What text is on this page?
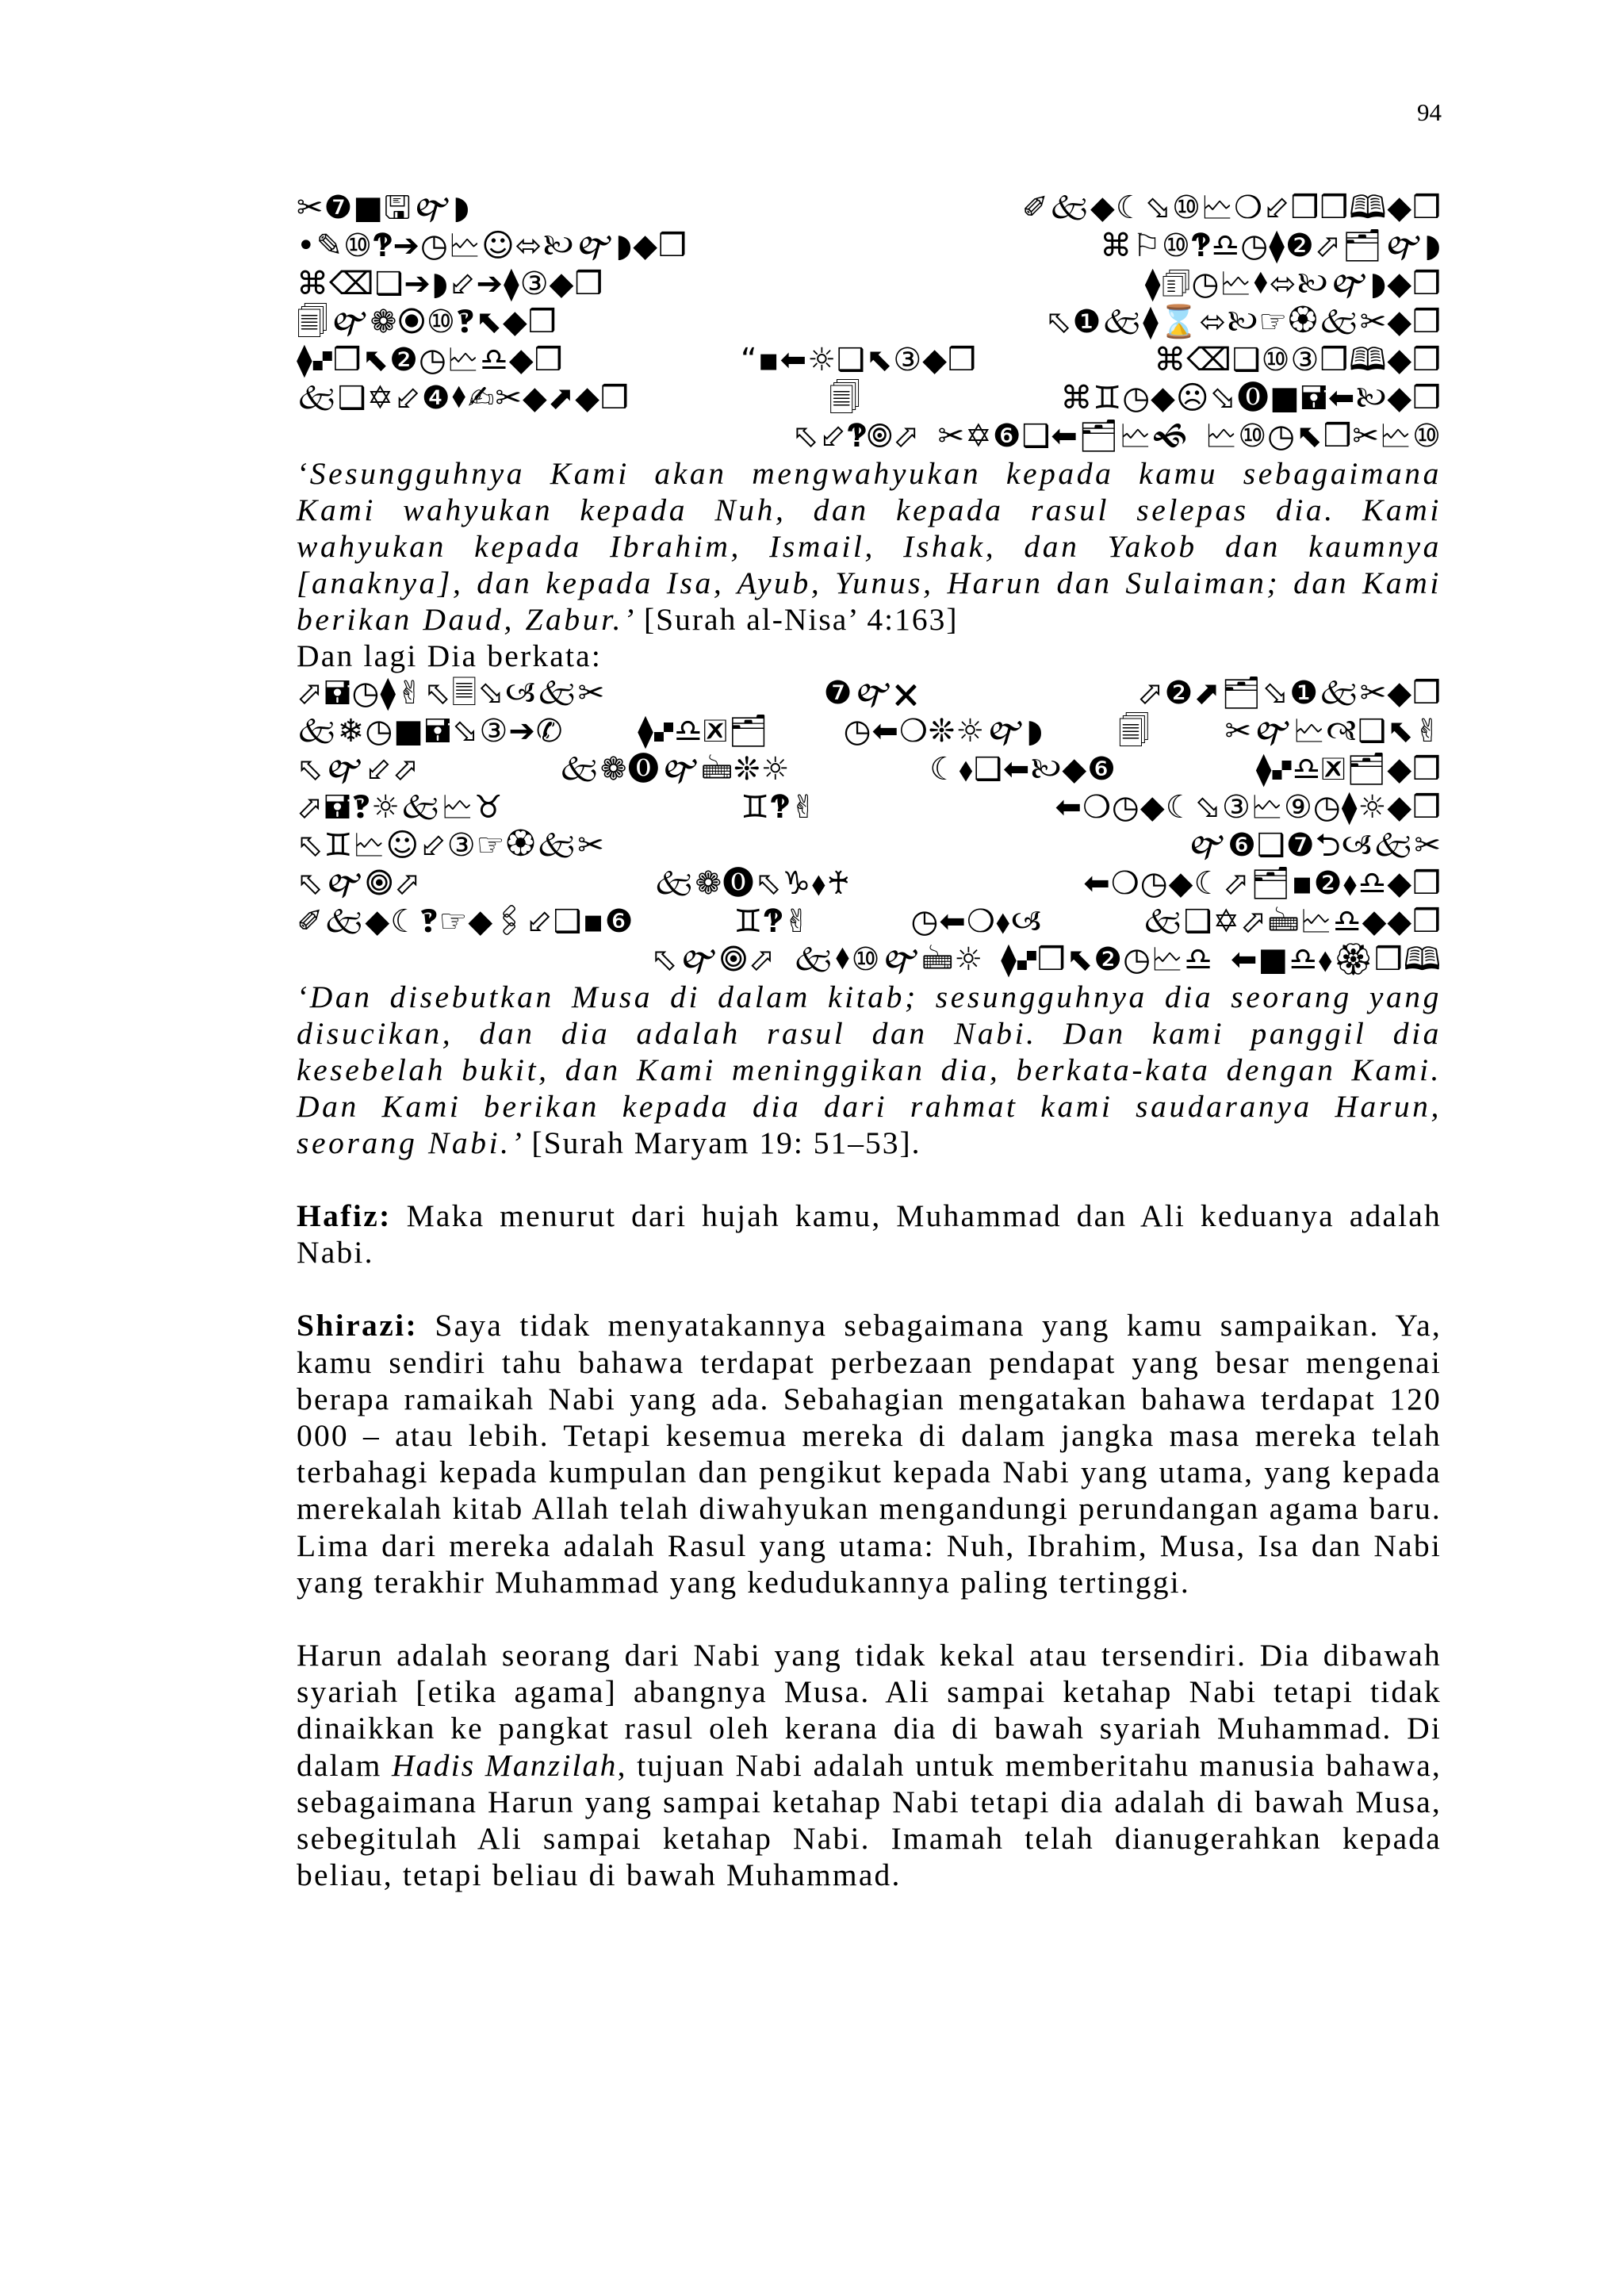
94
✂❼■🖫🙰◗	✐🙵◆☾⬂⑩🗠❍⬃❒❒🕮◆❒
•✎⑩🙻➔◷🗠☺⬄🙠🙰◗◆❒	⌘⚐⑩🙻♎◷⧫❷⬀🗂🙰◗
⌘⌫❑➔◗⬃➔⧫③◆❒	⧫🗊◷🗠⬧⬄🙠🙰◗◆❒
🗐🙰❁⦿⑩🙻⬉◆❒	⬁❶🙵⧫⌛⬄🙠☞🏵🙵✂◆❒
⧫🙾❒⬉❷◷🗠♎◆❒	“▪⬅☼❑⬉③◆❒	⌘⌫❑⑩③❒🕮◆❒
🙵❑✡⬃❹⬧✍✂◆⬈◆❒	🗐	⌘♊◷◆☹⬂⓿■🖬⬅🙠◆❒
⬁⬃🙻🞋⬀ ✂✡❻❑⬅🗂🗠🙜 🗠⑩◷⬉❒✂🗠⑩

‘Sesungguhnya Kami akan mengwahyukan kepada kamu sebagaimana Kami wahyukan kepada Nuh, dan kepada rasul selepas dia. Kami wahyukan kepada Ibrahim, Ismail, Ishak, dan Yakob dan kaumnya [anaknya], dan kepada Isa, Ayub, Yunus, Harun dan Sulaiman; dan Kami berikan Daud, Zabur.’ [Surah al-Nisa’ 4:163]

Dan lagi Dia berkata:

⬀🖬◷⧫✌⬁🗏⬂🙢🙵✂	❼🙰🗙	⬀❷⬈🗂⬂❶🙵✂◆❒
🙵❄◷■🖬⬂③➔✆ ⧫🙾♎🗷🗂 ◷⬅❍❊☼🙰◗ 🗐 ✂🙰🗠🙣❑⬉✌
⬁🙰⬃⬀	🙵❁⓿🙰🖮❊☼	☾⬧❑⬅🙠◆❻	⧫🙾♎🗷🗂◆❒
⬀🖬🙻☼🙵🗠♉	♊🙻✌	⬅❍◷◆☾⬂③🗠⑨◷⧫☼◆❒
⬁♊🗠☺⬃③☞🏵🙵✂	🙰❻❑❼⮌🙢🙵✂
⬁🙰🞋⬀	🙵❁⓿⬁♑⬧♰	⬅❍◷◆☾⬀🗂▪❷⬧♎◆❒
✐🙵◆☾🙻☞◆🖇⬃❑▪❻	♊🙻✌	◷⬅❍⬧🙢	🙵❑✡⬀🖮🗠♎◆◆❒
⬁🙰🞋⬀ 🙵⬧⑩🙰🖮☼ ⧫🙾❒⬉❷◷🗠♎ ⬅■♎⬧🏵❒🕮

‘Dan disebutkan Musa di dalam kitab; sesungguhnya dia seorang yang disucikan, dan dia adalah rasul dan Nabi. Dan kami panggil dia kesebelah bukit, dan Kami meninggikan dia, berkata-kata dengan Kami. Dan Kami berikan kepada dia dari rahmat kami saudaranya Harun, seorang Nabi.’ [Surah Maryam 19: 51–53].

Hafiz: Maka menurut dari hujah kamu, Muhammad dan Ali keduanya adalah Nabi.

Shirazi: Saya tidak menyatakannya sebagaimana yang kamu sampaikan. Ya, kamu sendiri tahu bahawa terdapat perbezaan pendapat yang besar mengenai berapa ramaikah Nabi yang ada. Sebahagian mengatakan bahawa terdapat 120 000 – atau lebih. Tetapi kesemua mereka di dalam jangka masa mereka telah terbahagi kepada kumpulan dan pengikut kepada Nabi yang utama, yang kepada merekalah kitab Allah telah diwahyukan mengandungi perundangan agama baru. Lima dari mereka adalah Rasul yang utama: Nuh, Ibrahim, Musa, Isa dan Nabi yang terakhir Muhammad yang kedudukannya paling tertinggi.

Harun adalah seorang dari Nabi yang tidak kekal atau tersendiri. Dia dibawah syariah [etika agama] abangnya Musa. Ali sampai ketahap Nabi tetapi tidak dinaikkan ke pangkat rasul oleh kerana dia di bawah syariah Muhammad. Di dalam Hadis Manzilah, tujuan Nabi adalah untuk memberitahu manusia bahawa, sebagaimana Harun yang sampai ketahap Nabi tetapi dia adalah di bawah Musa, sebegitulah Ali sampai ketahap Nabi. Imamah telah dianugerahkan kepada beliau, tetapi beliau di bawah Muhammad.
